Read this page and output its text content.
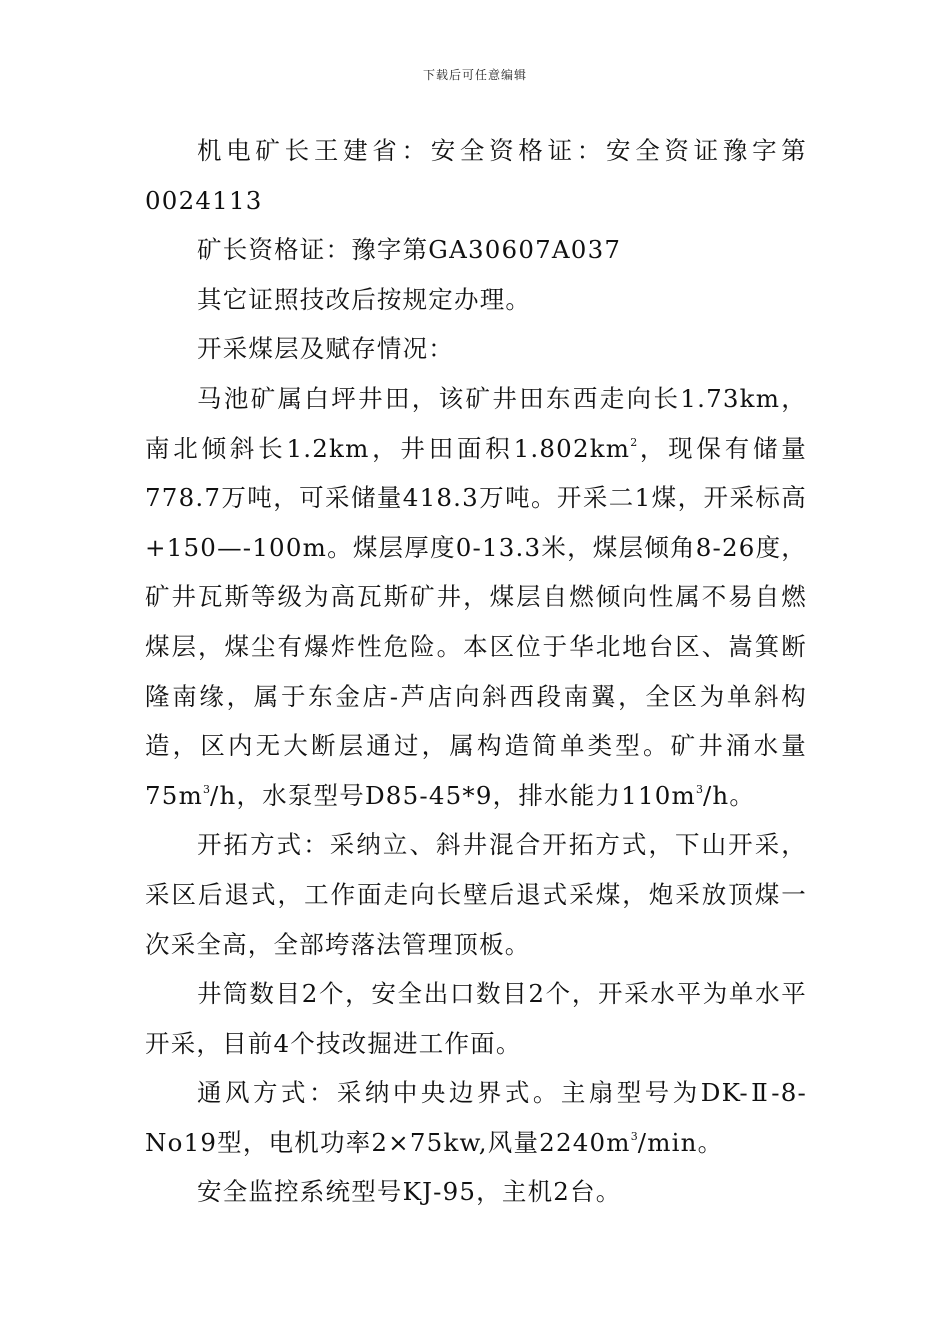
下载后可任意编辑

机电矿长王建省：安全资格证：安全资证豫字第0024113

矿长资格证：豫字第GA30607A037

其它证照技改后按规定办理。

开采煤层及赋存情况：

马池矿属白坪井田，该矿井田东西走向长1.73km，南北倾斜长1.2km，井田面积$1.802km^2$，现保有储量778.7万吨，可采储量418.3万吨。开采二1煤，开采标高+150—-100m。煤层厚度0-13.3米，煤层倾角8-26度，矿井瓦斯等级为高瓦斯矿井，煤层自燃倾向性属不易自燃煤层，煤尘有爆炸性危险。本区位于华北地台区、嵩箕断隆南缘，属于东金店-芦店向斜西段南翼，全区为单斜构造，区内无大断层通过，属构造简单类型。矿井涌水量$75m^3/h$，水泵型号D85-45*9，排水能力$110m^3/h$。

开拓方式：采纳立、斜井混合开拓方式，下山开采，采区后退式，工作面走向长壁后退式采煤，炮采放顶煤一次采全高，全部垮落法管理顶板。

井筒数目2个，安全出口数目2个，开采水平为单水平开采，目前4个技改掘进工作面。

通风方式：采纳中央边界式。主扇型号为DK-Ⅱ-8-No19型，电机功率2×75kw,风量$2240m^3/\min$。

安全监控系统型号KJ-95，主机2台。
